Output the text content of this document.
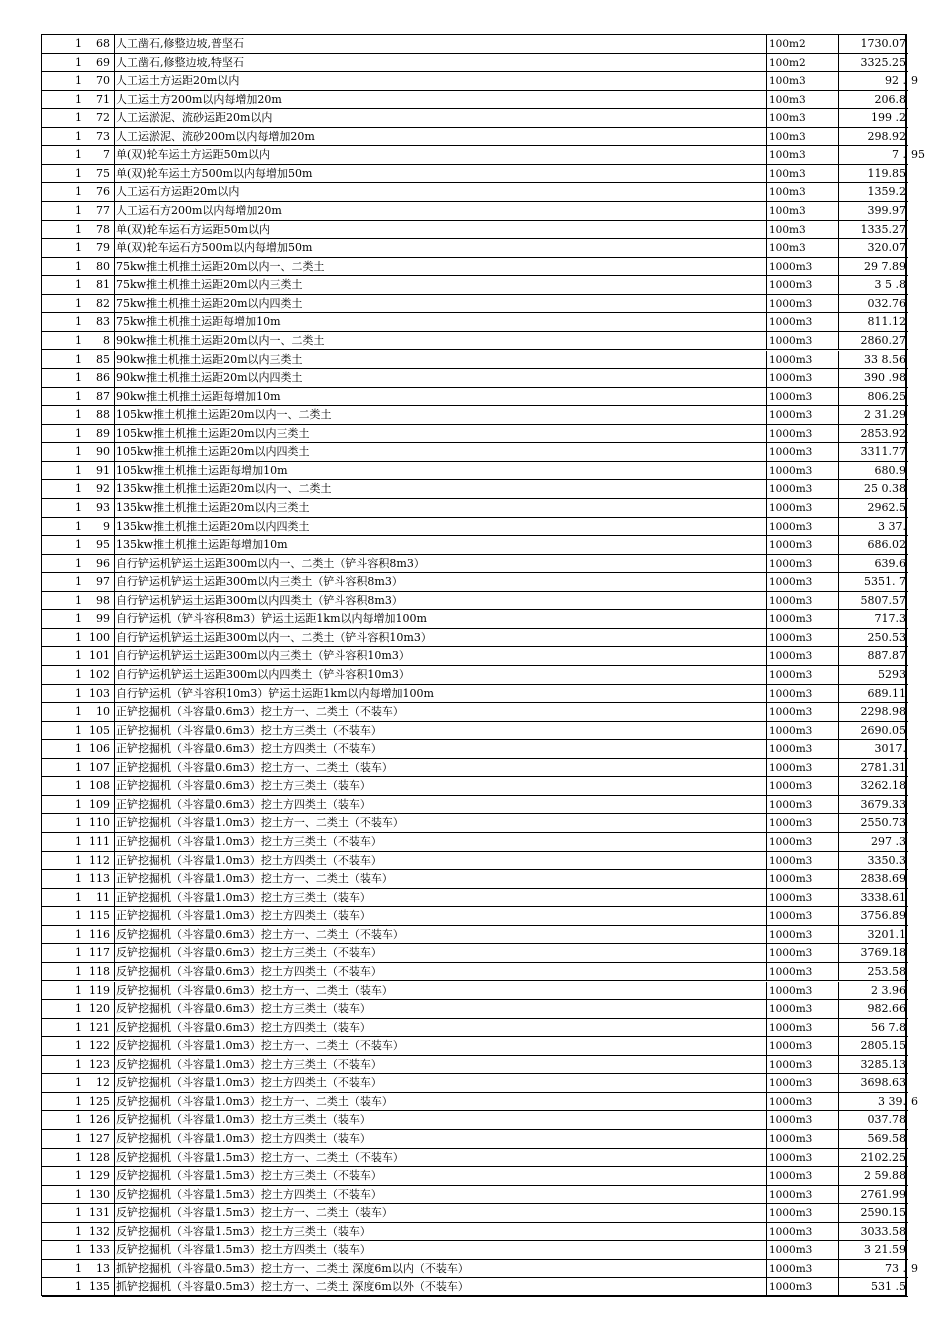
1	68 人工凿石,修整边坡,普坚石	100m2	1730.07
1	69 人工凿石,修整边坡,特坚石	100m2	3325.25
1	70 人工运土方运距20m以内	100m3	92 . 9
1	71 人工运土方200m以内每增加20m	100m3	206.8
1	72 人工运淤泥、流砂运距20m以内	100m3	199 .2
1	73 人工运淤泥、流砂200m以内每增加20m	100m3	298.92
1	7 单(双)轮车运土方运距50m以内	100m3	7 . 95
1	75 单(双)轮车运土方500m以内每增加50m	100m3	119.85
1	76 人工运石方运距20m以内	100m3	1359.2
1	77 人工运石方200m以内每增加20m	100m3	399.97
1	78 单(双)轮车运石方运距50m以内	100m3	1335.27
1	79 单(双)轮车运石方500m以内每增加50m	100m3	320.07
1	80 75kw推土机推土运距20m以内一、二类土	1000m3	29 7.89
1	81 75kw推土机推土运距20m以内三类土	1000m3	3 5 .8
1	82 75kw推土机推土运距20m以内四类土	1000m3	032.76
1	83 75kw推土机推土运距每增加10m	1000m3	811.12
1	8 90kw推土机推土运距20m以内一、二类土	1000m3	2860.27
1	85 90kw推土机推土运距20m以内三类土	1000m3	33 8.56
1	86 90kw推土机推土运距20m以内四类土	1000m3	390 .98
1	87 90kw推土机推土运距每增加10m	1000m3	806.25
1	88 105kw推土机推土运距20m以内一、二类土	1000m3	2 31.29
1	89 105kw推土机推土运距20m以内三类土	1000m3	2853.92
1	90 105kw推土机推土运距20m以内四类土	1000m3	3311.77
1	91 105kw推土机推土运距每增加10m	1000m3	680.9
1	92 135kw推土机推土运距20m以内一、二类土	1000m3	25 0.38
1	93 135kw推土机推土运距20m以内三类土	1000m3	2962.5
1	9 135kw推土机推土运距20m以内四类土	1000m3	3 37.
1	95 135kw推土机推土运距每增加10m	1000m3	686.02
1	96 自行铲运机铲运土运距300m以内一、二类土（铲斗容积8m3）	1000m3	639.6
1	97 自行铲运机铲运土运距300m以内三类土（铲斗容积8m3）	1000m3	5351. 7
1	98 自行铲运机铲运土运距300m以内四类土（铲斗容积8m3）	1000m3	5807.57
1	99 自行铲运机（铲斗容积8m3）铲运土运距1km以内每增加100m	1000m3	717.3
1 100 自行铲运机铲运土运距300m以内一、二类土（铲斗容积10m3）	1000m3	250.53
1 101 自行铲运机铲运土运距300m以内三类土（铲斗容积10m3）	1000m3	887.87
1 102 自行铲运机铲运土运距300m以内四类土（铲斗容积10m3）	1000m3	5293
1 103 自行铲运机（铲斗容积10m3）铲运土运距1km以内每增加100m	1000m3	689.11
1	10 正铲挖掘机（斗容量0.6m3）挖土方一、二类土（不装车）	1000m3	2298.98
1 105 正铲挖掘机（斗容量0.6m3）挖土方三类土（不装车）	1000m3	2690.05
1 106 正铲挖掘机（斗容量0.6m3）挖土方四类土（不装车）	1000m3	3017.
1 107 正铲挖掘机（斗容量0.6m3）挖土方一、二类土（装车）	1000m3	2781.31
1 108 正铲挖掘机（斗容量0.6m3）挖土方三类土（装车）	1000m3	3262.18
1 109 正铲挖掘机（斗容量0.6m3）挖土方四类土（装车）	1000m3	3679.33
1 110 正铲挖掘机（斗容量1.0m3）挖土方一、二类土（不装车）	1000m3	2550.73
1 111 正铲挖掘机（斗容量1.0m3）挖土方三类土（不装车）	1000m3	297 .3
1 112 正铲挖掘机（斗容量1.0m3）挖土方四类土（不装车）	1000m3	3350.3
1 113 正铲挖掘机（斗容量1.0m3）挖土方一、二类土（装车）	1000m3	2838.69
1	11 正铲挖掘机（斗容量1.0m3）挖土方三类土（装车）	1000m3	3338.61
1 115 正铲挖掘机（斗容量1.0m3）挖土方四类土（装车）	1000m3	3756.89
1 116 反铲挖掘机（斗容量0.6m3）挖土方一、二类土（不装车）	1000m3	3201.1
1 117 反铲挖掘机（斗容量0.6m3）挖土方三类土（不装车）	1000m3	3769.18
1 118 反铲挖掘机（斗容量0.6m3）挖土方四类土（不装车）	1000m3	253.58
1 119 反铲挖掘机（斗容量0.6m3）挖土方一、二类土（装车）	1000m3	2 3.96
1 120 反铲挖掘机（斗容量0.6m3）挖土方三类土（装车）	1000m3	982.66
1 121 反铲挖掘机（斗容量0.6m3）挖土方四类土（装车）	1000m3	56 7.8
1 122 反铲挖掘机（斗容量1.0m3）挖土方一、二类土（不装车）	1000m3	2805.15
1 123 反铲挖掘机（斗容量1.0m3）挖土方三类土（不装车）	1000m3	3285.13
1	12 反铲挖掘机（斗容量1.0m3）挖土方四类土（不装车）	1000m3	3698.63
1 125 反铲挖掘机（斗容量1.0m3）挖土方一、二类土（装车）	1000m3	3 39. 6
1 126 反铲挖掘机（斗容量1.0m3）挖土方三类土（装车）	1000m3	037.78
1 127 反铲挖掘机（斗容量1.0m3）挖土方四类土（装车）	1000m3	569.58
1 128 反铲挖掘机（斗容量1.5m3）挖土方一、二类土（不装车）	1000m3	2102.25
1 129 反铲挖掘机（斗容量1.5m3）挖土方三类土（不装车）	1000m3	2 59.88
1 130 反铲挖掘机（斗容量1.5m3）挖土方四类土（不装车）	1000m3	2761.99
1 131 反铲挖掘机（斗容量1.5m3）挖土方一、二类土（装车）	1000m3	2590.15
1 132 反铲挖掘机（斗容量1.5m3）挖土方三类土（装车）	1000m3	3033.58
1 133 反铲挖掘机（斗容量1.5m3）挖土方四类土（装车）	1000m3	3 21.59
1	13 抓铲挖掘机（斗容量0.5m3）挖土方一、二类土 深度6m以内（不装车）	1000m3	73 . 9
1 135 抓铲挖掘机（斗容量0.5m3）挖土方一、二类土 深度6m以外（不装车）	1000m3	531 .5
